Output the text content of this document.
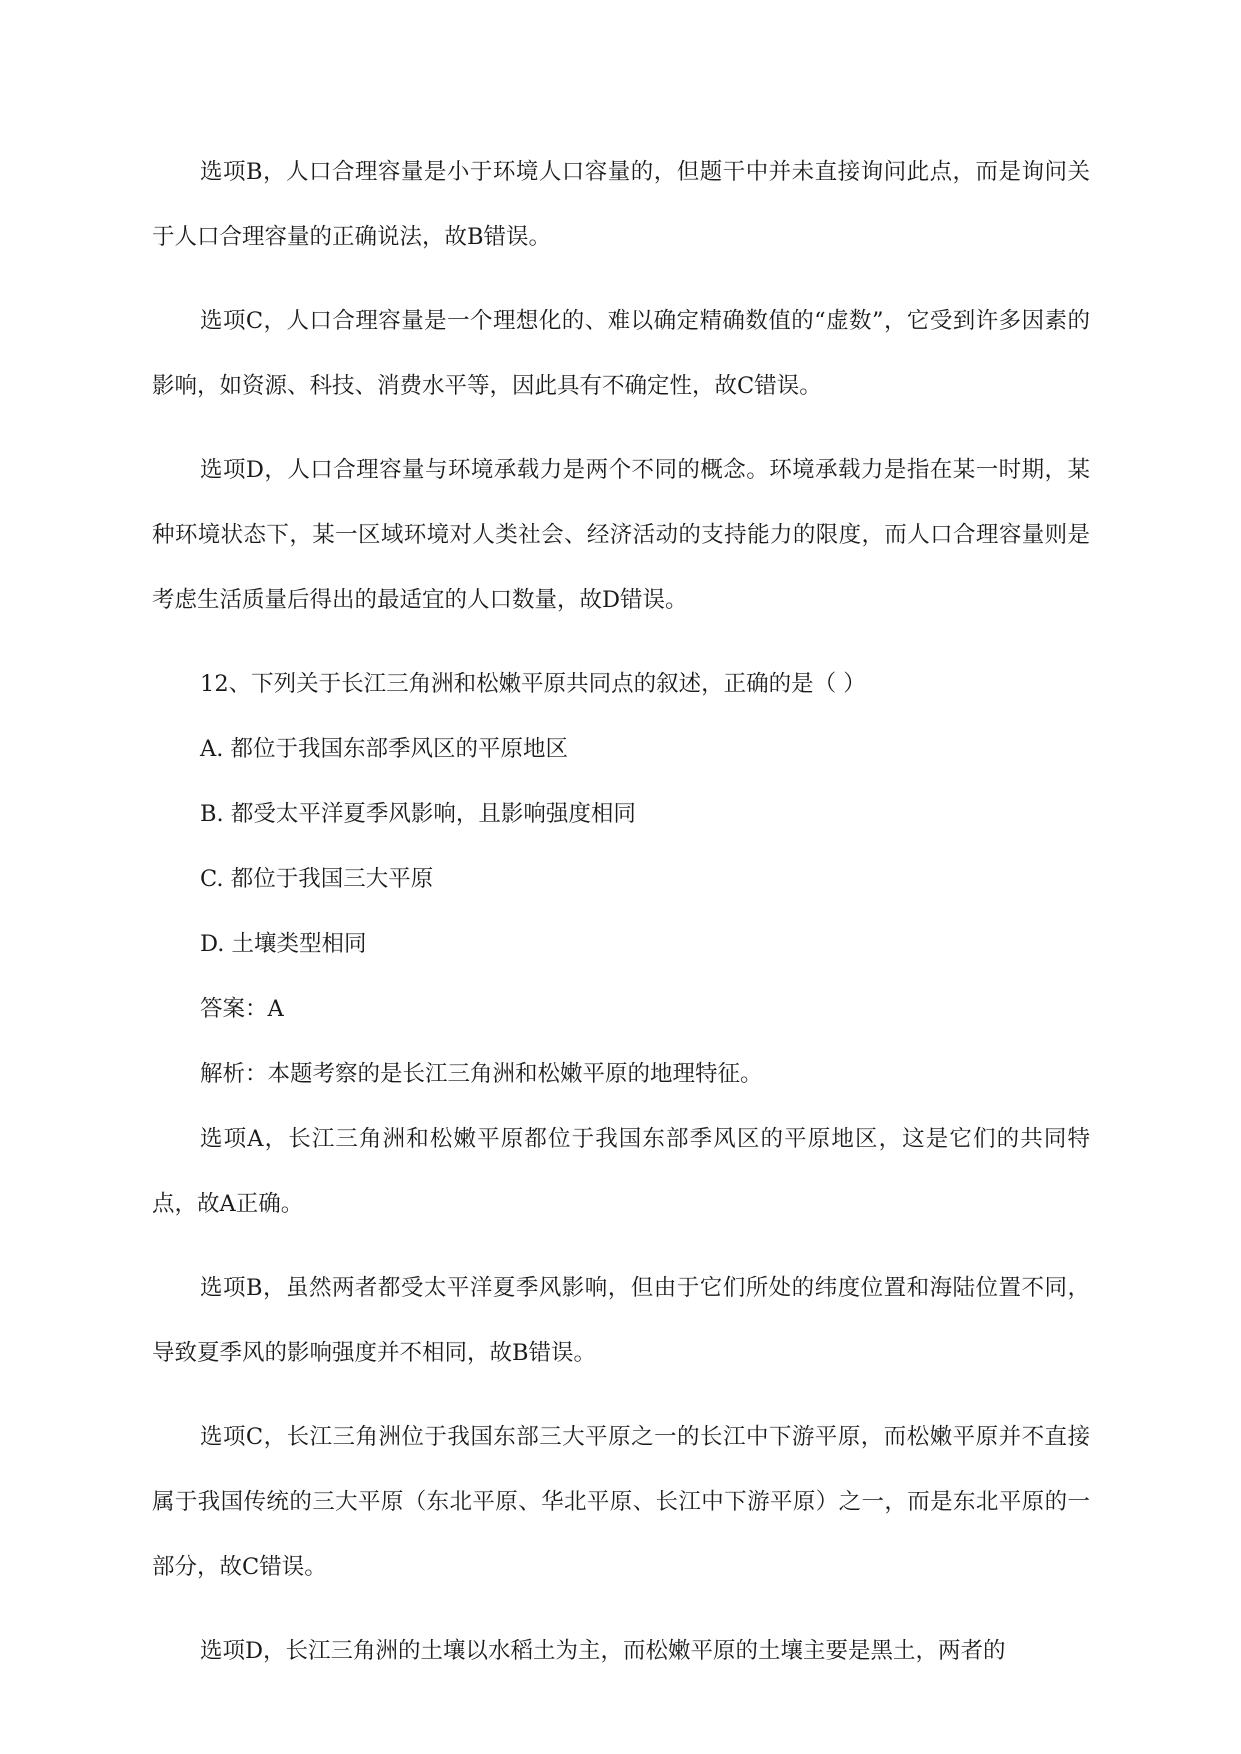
选项B，人口合理容量是小于环境人口容量的，但题干中并未直接询问此点，而是询问关于人口合理容量的正确说法，故B错误。

选项C，人口合理容量是一个理想化的、难以确定精确数值的“虚数”，它受到许多因素的影响，如资源、科技、消费水平等，因此具有不确定性，故C错误。

选项D，人口合理容量与环境承载力是两个不同的概念。环境承载力是指在某一时期，某种环境状态下，某一区域环境对人类社会、经济活动的支持能力的限度，而人口合理容量则是考虑生活质量后得出的最适宜的人口数量，故D错误。

12、下列关于长江三角洲和松嫩平原共同点的叙述，正确的是（ ）

A. 都位于我国东部季风区的平原地区

B. 都受太平洋夏季风影响，且影响强度相同

C. 都位于我国三大平原

D. 土壤类型相同

答案：A

解析：本题考察的是长江三角洲和松嫩平原的地理特征。

选项A，长江三角洲和松嫩平原都位于我国东部季风区的平原地区，这是它们的共同特点，故A正确。

选项B，虽然两者都受太平洋夏季风影响，但由于它们所处的纬度位置和海陆位置不同，导致夏季风的影响强度并不相同，故B错误。

选项C，长江三角洲位于我国东部三大平原之一的长江中下游平原，而松嫩平原并不直接属于我国传统的三大平原（东北平原、华北平原、长江中下游平原）之一，而是东北平原的一部分，故C错误。

选项D，长江三角洲的土壤以水稻土为主，而松嫩平原的土壤主要是黑土，两者的
